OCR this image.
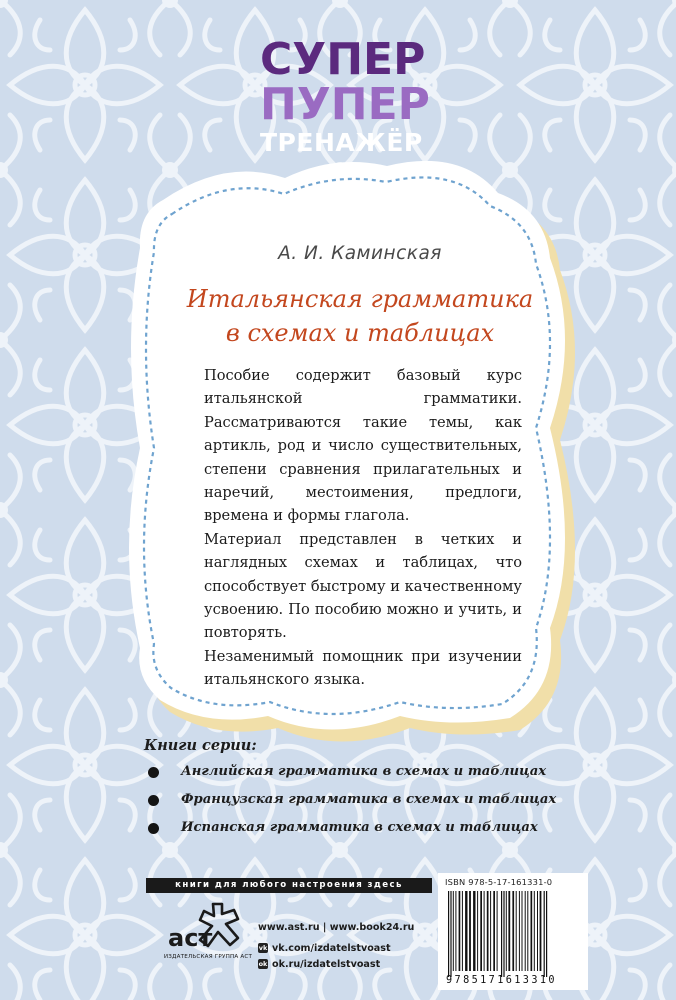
СУПЕР
ПУПЕР
ТРЕНАЖЁР
А. И. Каминская
Итальянская грамматика
в схемах и таблицах

Пособие содержит базовый курс итальянской грамматики. Рассматриваются такие темы, как артикль, род и число существительных, степени сравнения прилагательных и наречий, местоимения, предлоги, времена и формы глагола.

Материал представлен в четких и наглядных схемах и таблицах, что способствует быстрому и качественному усвоению. По пособию можно и учить, и повторять.

Незаменимый помощник при изучении итальянского языка.

Книги серии:
Английская грамматика в схемах и таблицах
Французская грамматика в схемах и таблицах
Испанская грамматика в схемах и таблицах
книги для любого настроения здесь	ISBN 978-5-17-161331-0
9785171613310
aст
ИЗДАТЕЛЬСКАЯ ГРУППА АСТ
www.ast.ru | www.book24.ru
vk vk.com/izdatelstvoast
ok ok.ru/izdatelstvoast
